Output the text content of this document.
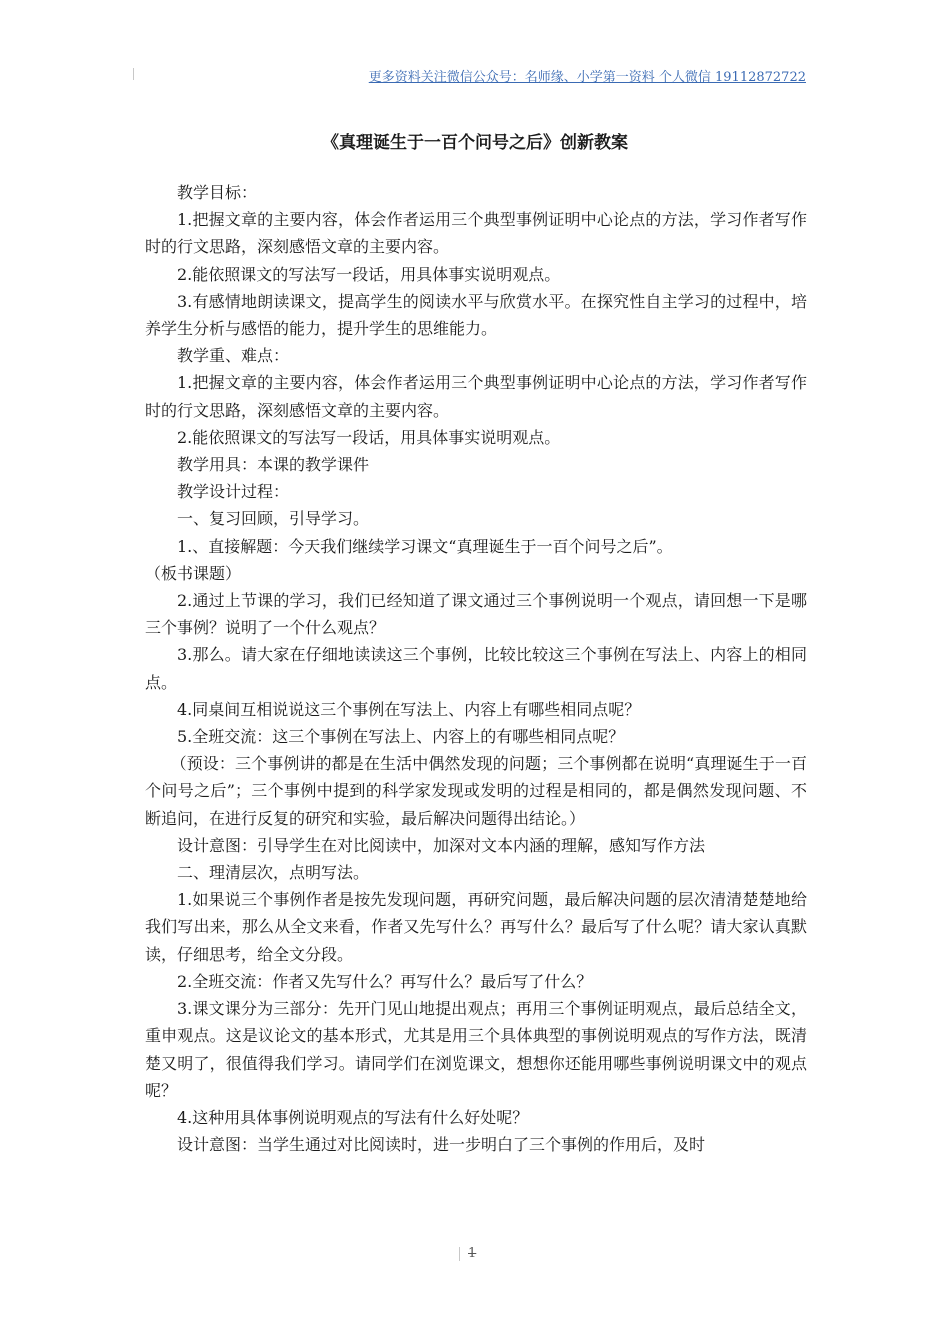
更多资料关注微信公众号：名师缘、小学第一资料 个人微信 19112872722
《真理诞生于一百个问号之后》创新教案

教学目标：

1.把握文章的主要内容，体会作者运用三个典型事例证明中心论点的方法，学习作者写作时的行文思路，深刻感悟文章的主要内容。

2.能依照课文的写法写一段话，用具体事实说明观点。

3.有感情地朗读课文，提高学生的阅读水平与欣赏水平。在探究性自主学习的过程中，培养学生分析与感悟的能力，提升学生的思维能力。

教学重、难点：

1.把握文章的主要内容，体会作者运用三个典型事例证明中心论点的方法，学习作者写作时的行文思路，深刻感悟文章的主要内容。

2.能依照课文的写法写一段话，用具体事实说明观点。

教学用具：本课的教学课件

教学设计过程：

一、复习回顾，引导学习。

1.、直接解题：今天我们继续学习课文“真理诞生于一百个问号之后”。

（板书课题）

2.通过上节课的学习，我们已经知道了课文通过三个事例说明一个观点，请回想一下是哪三个事例？说明了一个什么观点？

3.那么。请大家在仔细地读读这三个事例，比较比较这三个事例在写法上、内容上的相同点。

4.同桌间互相说说这三个事例在写法上、内容上有哪些相同点呢？

5.全班交流：这三个事例在写法上、内容上的有哪些相同点呢？

（预设：三个事例讲的都是在生活中偶然发现的问题；三个事例都在说明“真理诞生于一百个问号之后”；三个事例中提到的科学家发现或发明的过程是相同的，都是偶然发现问题、不断追问，在进行反复的研究和实验，最后解决问题得出结论。）

设计意图：引导学生在对比阅读中，加深对文本内涵的理解，感知写作方法

二、理清层次，点明写法。

1.如果说三个事例作者是按先发现问题，再研究问题，最后解决问题的层次清清楚楚地给我们写出来，那么从全文来看，作者又先写什么？再写什么？最后写了什么呢？请大家认真默读，仔细思考，给全文分段。

2.全班交流：作者又先写什么？再写什么？最后写了什么？

3.课文课分为三部分：先开门见山地提出观点；再用三个事例证明观点，最后总结全文，重申观点。这是议论文的基本形式，尤其是用三个具体典型的事例说明观点的写作方法，既清楚又明了，很值得我们学习。请同学们在浏览课文，想想你还能用哪些事例说明课文中的观点呢？

4.这种用具体事例说明观点的写法有什么好处呢？

设计意图：当学生通过对比阅读时，进一步明白了三个事例的作用后，及时

1
